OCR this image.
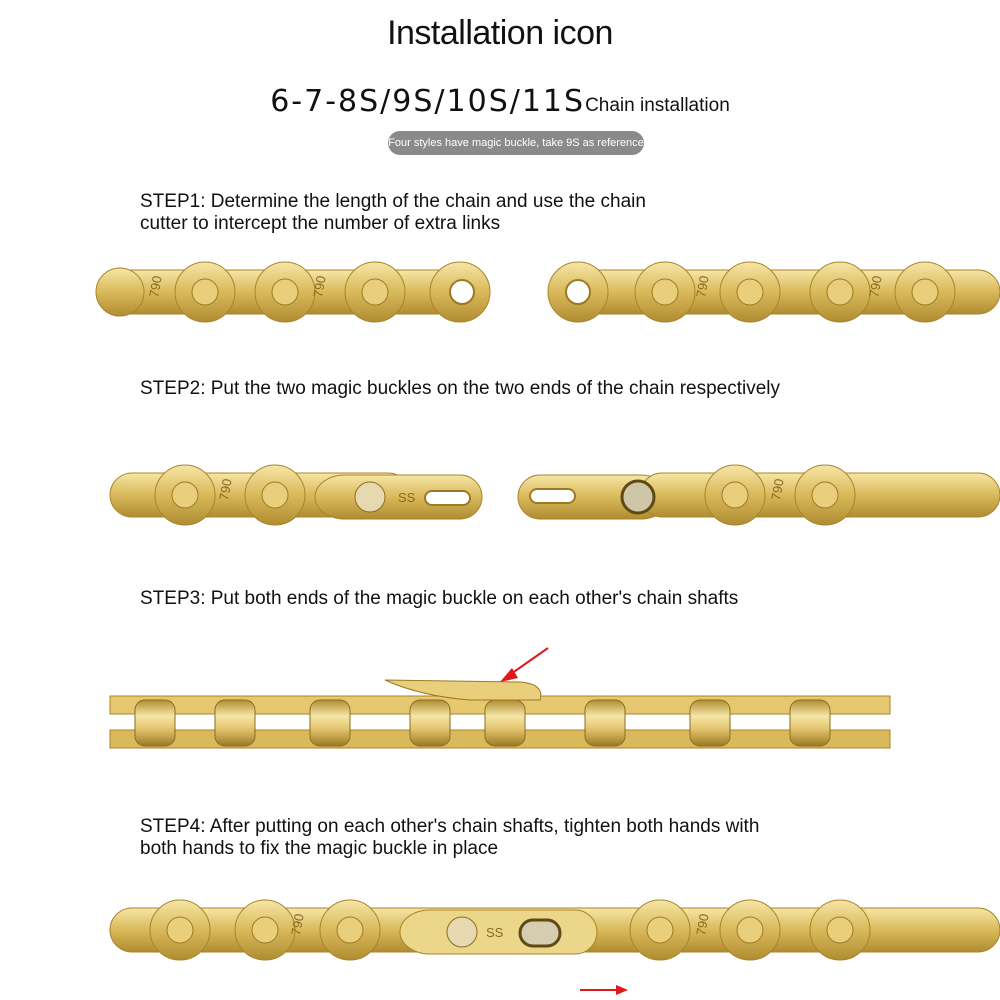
Installation icon
6-7-8S/9S/10S/11SChain installation
Four styles have magic buckle, take 9S as reference
STEP1: Determine the length of the chain and use the chain
cutter to intercept the number of extra links
790	790	790	790
STEP2: Put the two magic buckles on the two ends of the chain respectively
790	SS	790
STEP3: Put both ends of the magic buckle on each other's chain shafts
STEP4: After putting on each other's chain shafts, tighten both hands with
both hands to fix the magic buckle in place
790	790
SS
